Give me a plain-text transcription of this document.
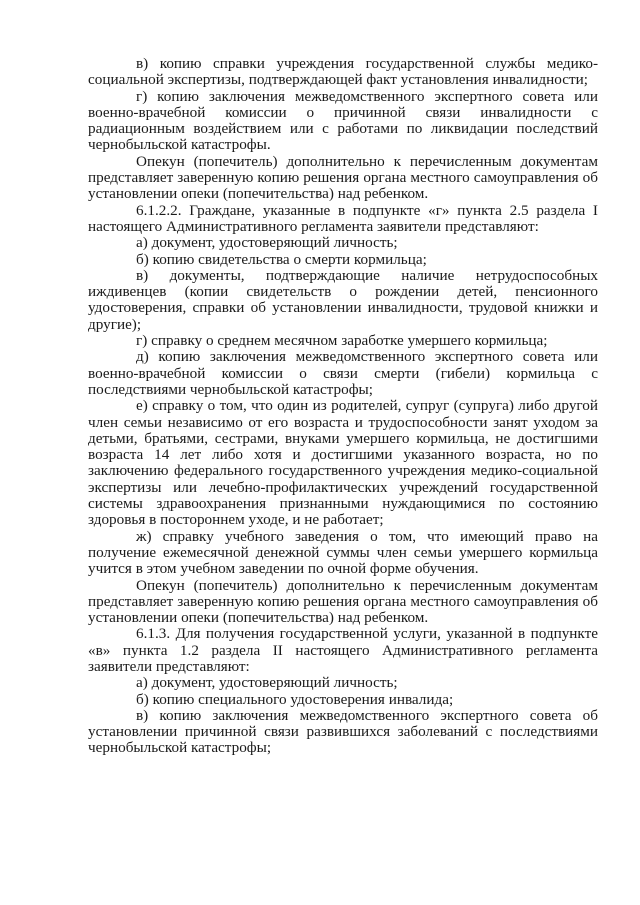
в) копию справки учреждения государственной службы медико-социальной экспертизы, подтверждающей факт установления инвалидности;

г) копию заключения межведомственного экспертного совета или военно-врачебной комиссии о причинной связи инвалидности с радиационным воздействием или с работами по ликвидации последствий чернобыльской катастрофы.

Опекун (попечитель) дополнительно к перечисленным документам представляет заверенную копию решения органа местного самоуправления об установлении опеки (попечительства) над ребенком.

6.1.2.2. Граждане, указанные в подпункте «г» пункта 2.5 раздела I настоящего Административного регламента заявители представляют:

а) документ, удостоверяющий личность;

б) копию свидетельства о смерти кормильца;

в) документы, подтверждающие наличие нетрудоспособных иждивенцев (копии свидетельств о рождении детей, пенсионного удостоверения, справки об установлении инвалидности, трудовой книжки и другие);

г) справку о среднем месячном заработке умершего кормильца;

д) копию заключения межведомственного экспертного совета или военно-врачебной комиссии о связи смерти (гибели) кормильца с последствиями чернобыльской катастрофы;

е) справку о том, что один из родителей, супруг (супруга) либо другой член семьи независимо от его возраста и трудоспособности занят уходом за детьми, братьями, сестрами, внуками умершего кормильца, не достигшими возраста 14 лет либо хотя и достигшими указанного возраста, но по заключению федерального государственного учреждения медико-социальной экспертизы или лечебно-профилактических учреждений государственной системы здравоохранения признанными нуждающимися по состоянию здоровья в постороннем уходе, и не работает;

ж) справку учебного заведения о том, что имеющий право на получение ежемесячной денежной суммы член семьи умершего кормильца учится в этом учебном заведении по очной форме обучения.

Опекун (попечитель) дополнительно к перечисленным документам представляет заверенную копию решения органа местного самоуправления об установлении опеки (попечительства) над ребенком.

6.1.3. Для получения государственной услуги, указанной в подпункте «в» пункта 1.2 раздела II настоящего Административного регламента заявители представляют:

а) документ, удостоверяющий личность;

б) копию специального удостоверения инвалида;

в) копию заключения межведомственного экспертного совета об установлении причинной связи развившихся заболеваний с последствиями чернобыльской катастрофы;
